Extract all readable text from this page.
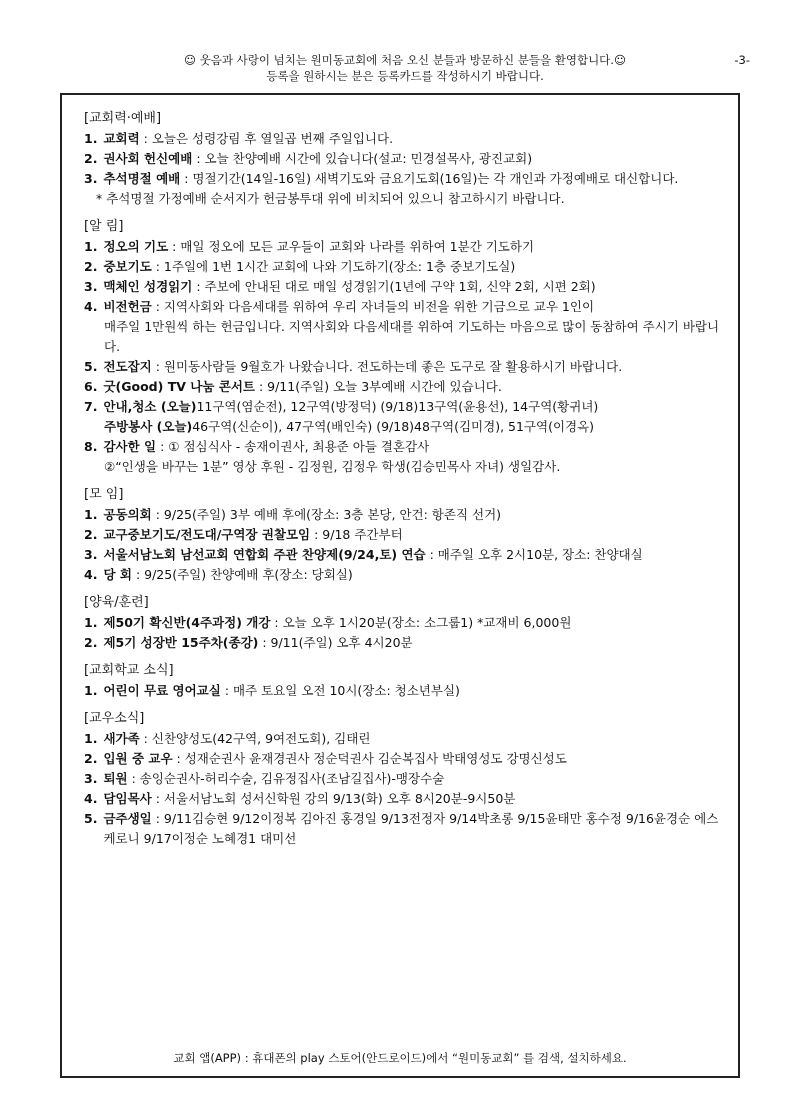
☺ 웃음과 사랑이 넘치는 원미동교회에 처음 오신 분들과 방문하신 분들을 환영합니다.☺	-3-
등록을 원하시는 분은 등록카드를 작성하시기 바랍니다.
[교회력·예배]
1. 교회력 : 오늘은 성령강림 후 열일곱 번째 주일입니다.
2. 권사회 헌신예배 : 오늘 찬양예배 시간에 있습니다(설교: 민경설목사, 광진교회)
3. 추석명절 예배 : 명절기간(14일-16일) 새벽기도와 금요기도회(16일)는 각 개인과 가정예배로 대신합니다.
* 추석명절 가정예배 순서지가 헌금봉투대 위에 비치되어 있으니 참고하시기 바랍니다.
[알 림]
1. 정오의 기도 : 매일 정오에 모든 교우들이 교회와 나라를 위하여 1분간 기도하기
2. 중보기도 : 1주일에 1번 1시간 교회에 나와 기도하기(장소: 1층 중보기도실)
3. 맥체인 성경읽기 : 주보에 안내된 대로 매일 성경읽기(1년에 구약 1회, 신약 2회, 시편 2회)
4. 비전헌금 : 지역사회와 다음세대를 위하여 우리 자녀들의 비전을 위한 기금으로 교우 1인이
매주일 1만원씩 하는 헌금입니다. 지역사회와 다음세대를 위하여 기도하는 마음으로 많이 동참하여 주시기 바랍니다.
5. 전도잡지 : 원미동사람들 9월호가 나왔습니다. 전도하는데 좋은 도구로 잘 활용하시기 바랍니다.
6. 굿(Good) TV 나눔 콘서트 : 9/11(주일) 오늘 3부예배 시간에 있습니다.
7. 안내,청소 (오늘)11구역(염순전), 12구역(방정덕) (9/18)13구역(윤용선), 14구역(황귀녀)
주방봉사 (오늘)46구역(신순이), 47구역(배인숙) (9/18)48구역(김미경), 51구역(이경옥)
8. 감사한 일 : ① 점심식사 - 송재이권사, 최용준 아들 결혼감사
②“인생을 바꾸는 1분” 영상 후원 - 김정원, 김정우 학생(김승민목사 자녀) 생일감사.
[모 임]
1. 공동의회 : 9/25(주일) 3부 예배 후에(장소: 3층 본당, 안건: 항존직 선거)
2. 교구중보기도/전도대/구역장 권찰모임 : 9/18 주간부터
3. 서울서남노회 남선교회 연합회 주관 찬양제(9/24,토) 연습 : 매주일 오후 2시10분, 장소: 찬양대실
4. 당 회 : 9/25(주일) 찬양예배 후(장소: 당회실)
[양육/훈련]
1. 제50기 확신반(4주과정) 개강 : 오늘 오후 1시20분(장소: 소그룹1) *교재비 6,000원
2. 제5기 성장반 15주차(종강) : 9/11(주일) 오후 4시20분
[교회학교 소식]
1. 어린이 무료 영어교실 : 매주 토요일 오전 10시(장소: 청소년부실)
[교우소식]
1. 새가족 : 신찬양성도(42구역, 9여전도회), 김태린
2. 입원 중 교우 : 성재순권사 윤재경권사 정순덕권사 김순복집사 박태영성도 강명신성도
3. 퇴원 : 송잉순권사-허리수술, 김유정집사(조남길집사)-맹장수술
4. 담임목사 : 서울서남노회 성서신학원 강의 9/13(화) 오후 8시20분-9시50분
5. 금주생일 : 9/11김승현 9/12이정복 김아진 홍경일 9/13전정자 9/14박초롱 9/15윤태만 홍수정 9/16윤경순 에스케로니 9/17이정순 노혜경1 대미선
교회 앱(APP) : 휴대폰의 play 스토어(안드로이드)에서 “원미동교회” 를 검색, 설치하세요.
